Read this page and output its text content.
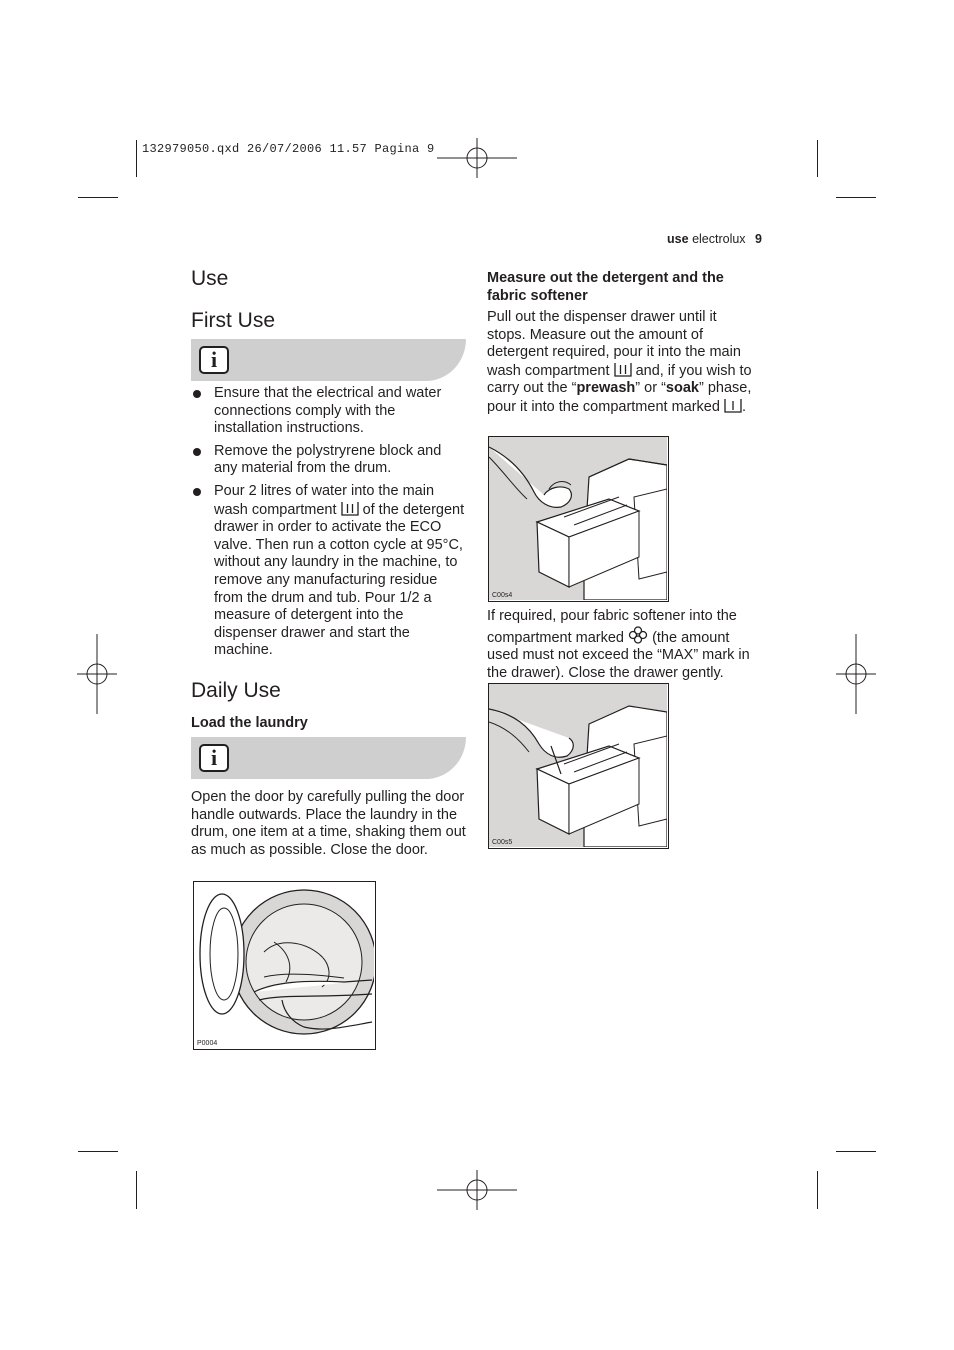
132979050.qxd 26/07/2006 11.57 Pagina 9
use electrolux 9
Use
First Use
i
Ensure that the electrical and water connections comply with the installation instructions.
Remove the polystryrene block and any material from the drum.
Pour 2 litres of water into the main wash compartment of the detergent drawer in order to activate the ECO valve. Then run a cotton cycle at 95°C, without any laundry in the machine, to remove any manufacturing residue from the drum and tub. Pour 1/2 a measure of detergent into the dispenser drawer and start the machine.
Daily Use
Load the laundry
i
Open the door by carefully pulling the door handle outwards. Place the laundry in the drum, one item at a time, shaking them out as much as possible. Close the door.
P0004
Measure out the detergent and the fabric softener
Pull out the dispenser drawer until it stops. Measure out the amount of detergent required, pour it into the main wash compartment and, if you wish to carry out the “prewash” or “soak” phase, pour it into the compartment marked .
C00s4
If required, pour fabric softener into the compartment marked (the amount used must not exceed the “MAX” mark in the drawer). Close the drawer gently.
C00s5
